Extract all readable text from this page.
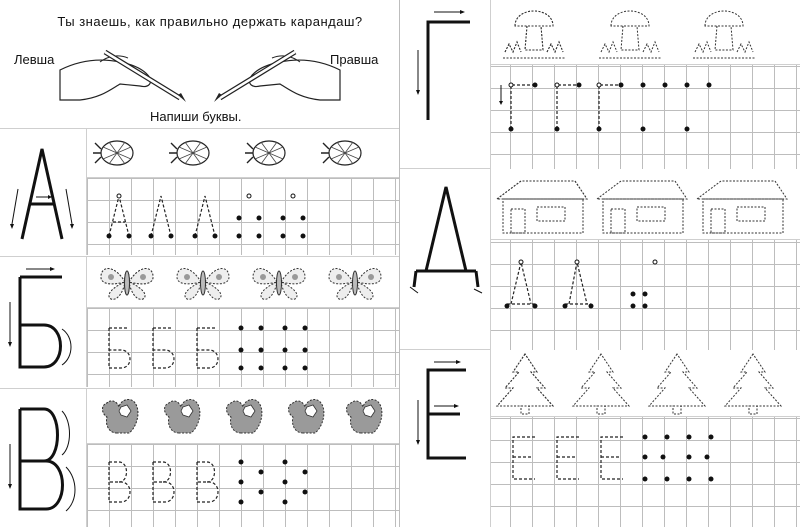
Ты знаешь, как правильно держать карандаш?
Левша	Правша
Напиши буквы.
